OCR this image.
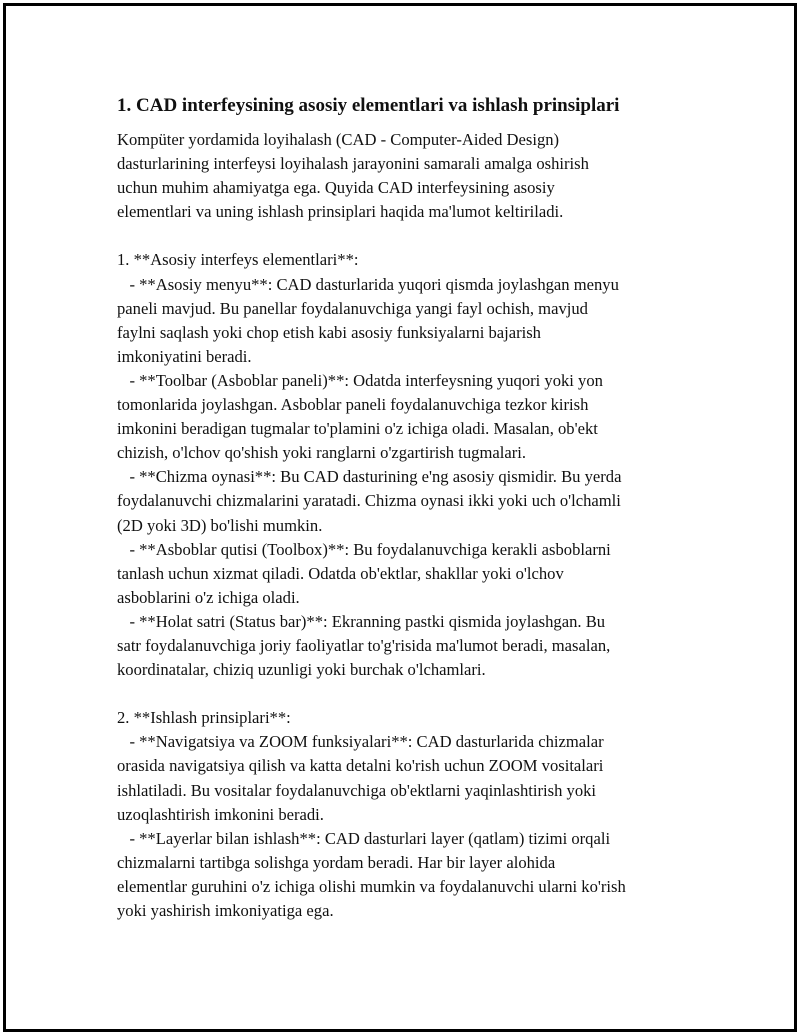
1. CAD interfeysining asosiy elementlari va ishlash prinsiplari
Kompüter yordamida loyihalash (CAD - Computer-Aided Design)
dasturlarining interfeysi loyihalash jarayonini samarali amalga oshirish
uchun muhim ahamiyatga ega. Quyida CAD interfeysining asosiy
elementlari va uning ishlash prinsiplari haqida ma'lumot keltiriladi.
1. **Asosiy interfeys elementlari**:
- **Asosiy menyu**: CAD dasturlarida yuqori qismda joylashgan menyu
paneli mavjud. Bu panellar foydalanuvchiga yangi fayl ochish, mavjud
faylni saqlash yoki chop etish kabi asosiy funksiyalarni bajarish
imkoniyatini beradi.
- **Toolbar (Asboblar paneli)**: Odatda interfeysning yuqori yoki yon
tomonlarida joylashgan. Asboblar paneli foydalanuvchiga tezkor kirish
imkonini beradigan tugmalar to'plamini o'z ichiga oladi. Masalan, ob'ekt
chizish, o'lchov qo'shish yoki ranglarni o'zgartirish tugmalari.
- **Chizma oynasi**: Bu CAD dasturining e'ng asosiy qismidir. Bu yerda
foydalanuvchi chizmalarini yaratadi. Chizma oynasi ikki yoki uch o'lchamli
(2D yoki 3D) bo'lishi mumkin.
- **Asboblar qutisi (Toolbox)**: Bu foydalanuvchiga kerakli asboblarni
tanlash uchun xizmat qiladi. Odatda ob'ektlar, shakllar yoki o'lchov
asboblarini o'z ichiga oladi.
- **Holat satri (Status bar)**: Ekranning pastki qismida joylashgan. Bu
satr foydalanuvchiga joriy faoliyatlar to'g'risida ma'lumot beradi, masalan,
koordinatalar, chiziq uzunligi yoki burchak o'lchamlari.
2. **Ishlash prinsiplari**:
- **Navigatsiya va ZOOM funksiyalari**: CAD dasturlarida chizmalar
orasida navigatsiya qilish va katta detalni ko'rish uchun ZOOM vositalari
ishlatiladi. Bu vositalar foydalanuvchiga ob'ektlarni yaqinlashtirish yoki
uzoqlashtirish imkonini beradi.
- **Layerlar bilan ishlash**: CAD dasturlari layer (qatlam) tizimi orqali
chizmalarni tartibga solishga yordam beradi. Har bir layer alohida
elementlar guruhini o'z ichiga olishi mumkin va foydalanuvchi ularni ko'rish
yoki yashirish imkoniyatiga ega.
